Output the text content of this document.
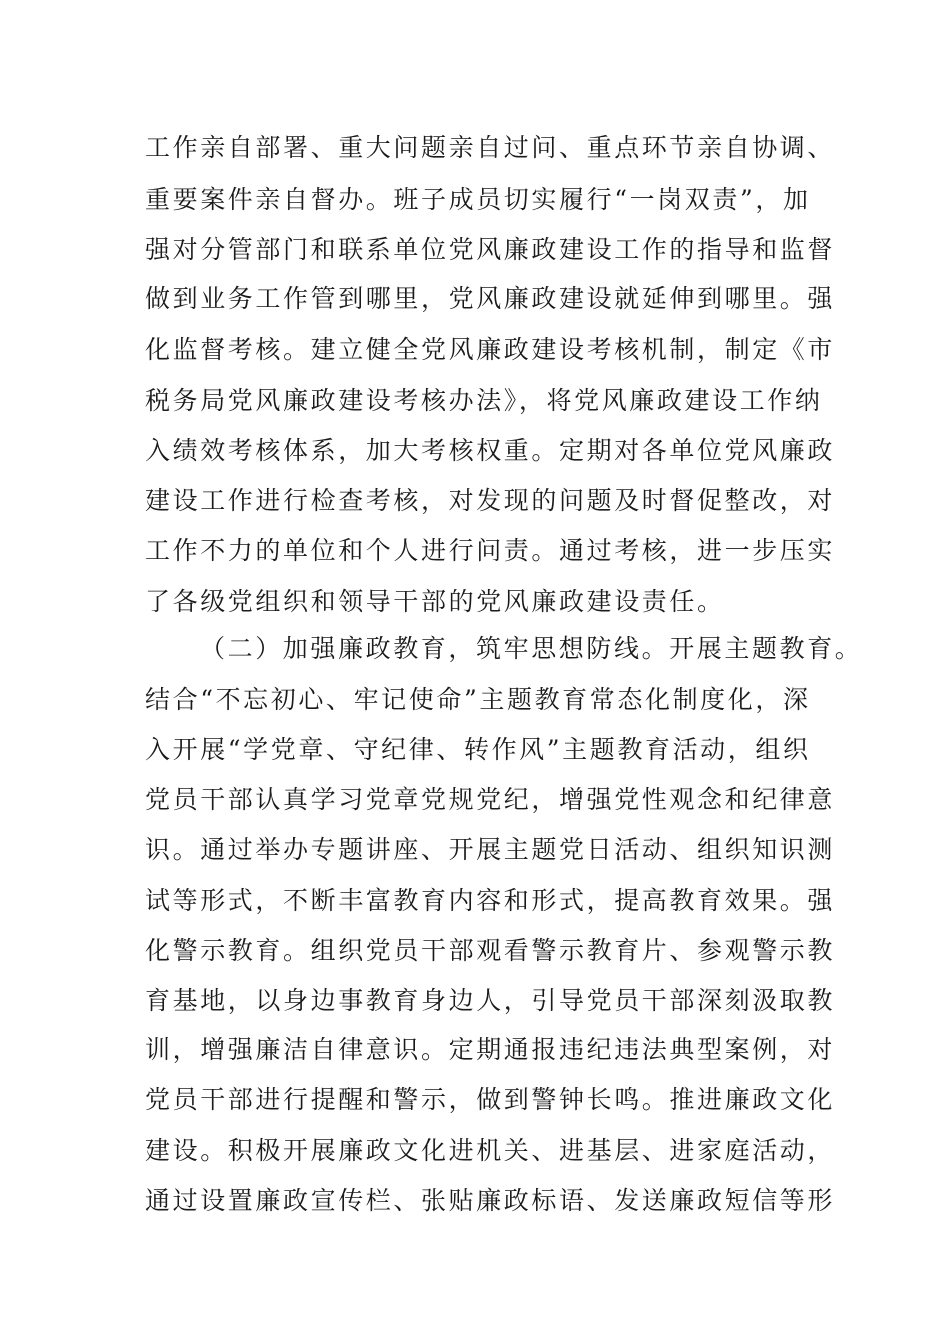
工作亲自部署、重大问题亲自过问、重点环节亲自协调、
重要案件亲自督办。班子成员切实履行“一岗双责”，加
强对分管部门和联系单位党风廉政建设工作的指导和监督
做到业务工作管到哪里，党风廉政建设就延伸到哪里。强
化监督考核。建立健全党风廉政建设考核机制，制定《市
税务局党风廉政建设考核办法》，将党风廉政建设工作纳
入绩效考核体系，加大考核权重。定期对各单位党风廉政
建设工作进行检查考核，对发现的问题及时督促整改，对
工作不力的单位和个人进行问责。通过考核，进一步压实
了各级党组织和领导干部的党风廉政建设责任。
（二）加强廉政教育，筑牢思想防线。开展主题教育。
结合“不忘初心、牢记使命”主题教育常态化制度化，深
入开展“学党章、守纪律、转作风”主题教育活动，组织
党员干部认真学习党章党规党纪，增强党性观念和纪律意
识。通过举办专题讲座、开展主题党日活动、组织知识测
试等形式，不断丰富教育内容和形式，提高教育效果。强
化警示教育。组织党员干部观看警示教育片、参观警示教
育基地，以身边事教育身边人，引导党员干部深刻汲取教
训，增强廉洁自律意识。定期通报违纪违法典型案例，对
党员干部进行提醒和警示，做到警钟长鸣。推进廉政文化
建设。积极开展廉政文化进机关、进基层、进家庭活动，
通过设置廉政宣传栏、张贴廉政标语、发送廉政短信等形
